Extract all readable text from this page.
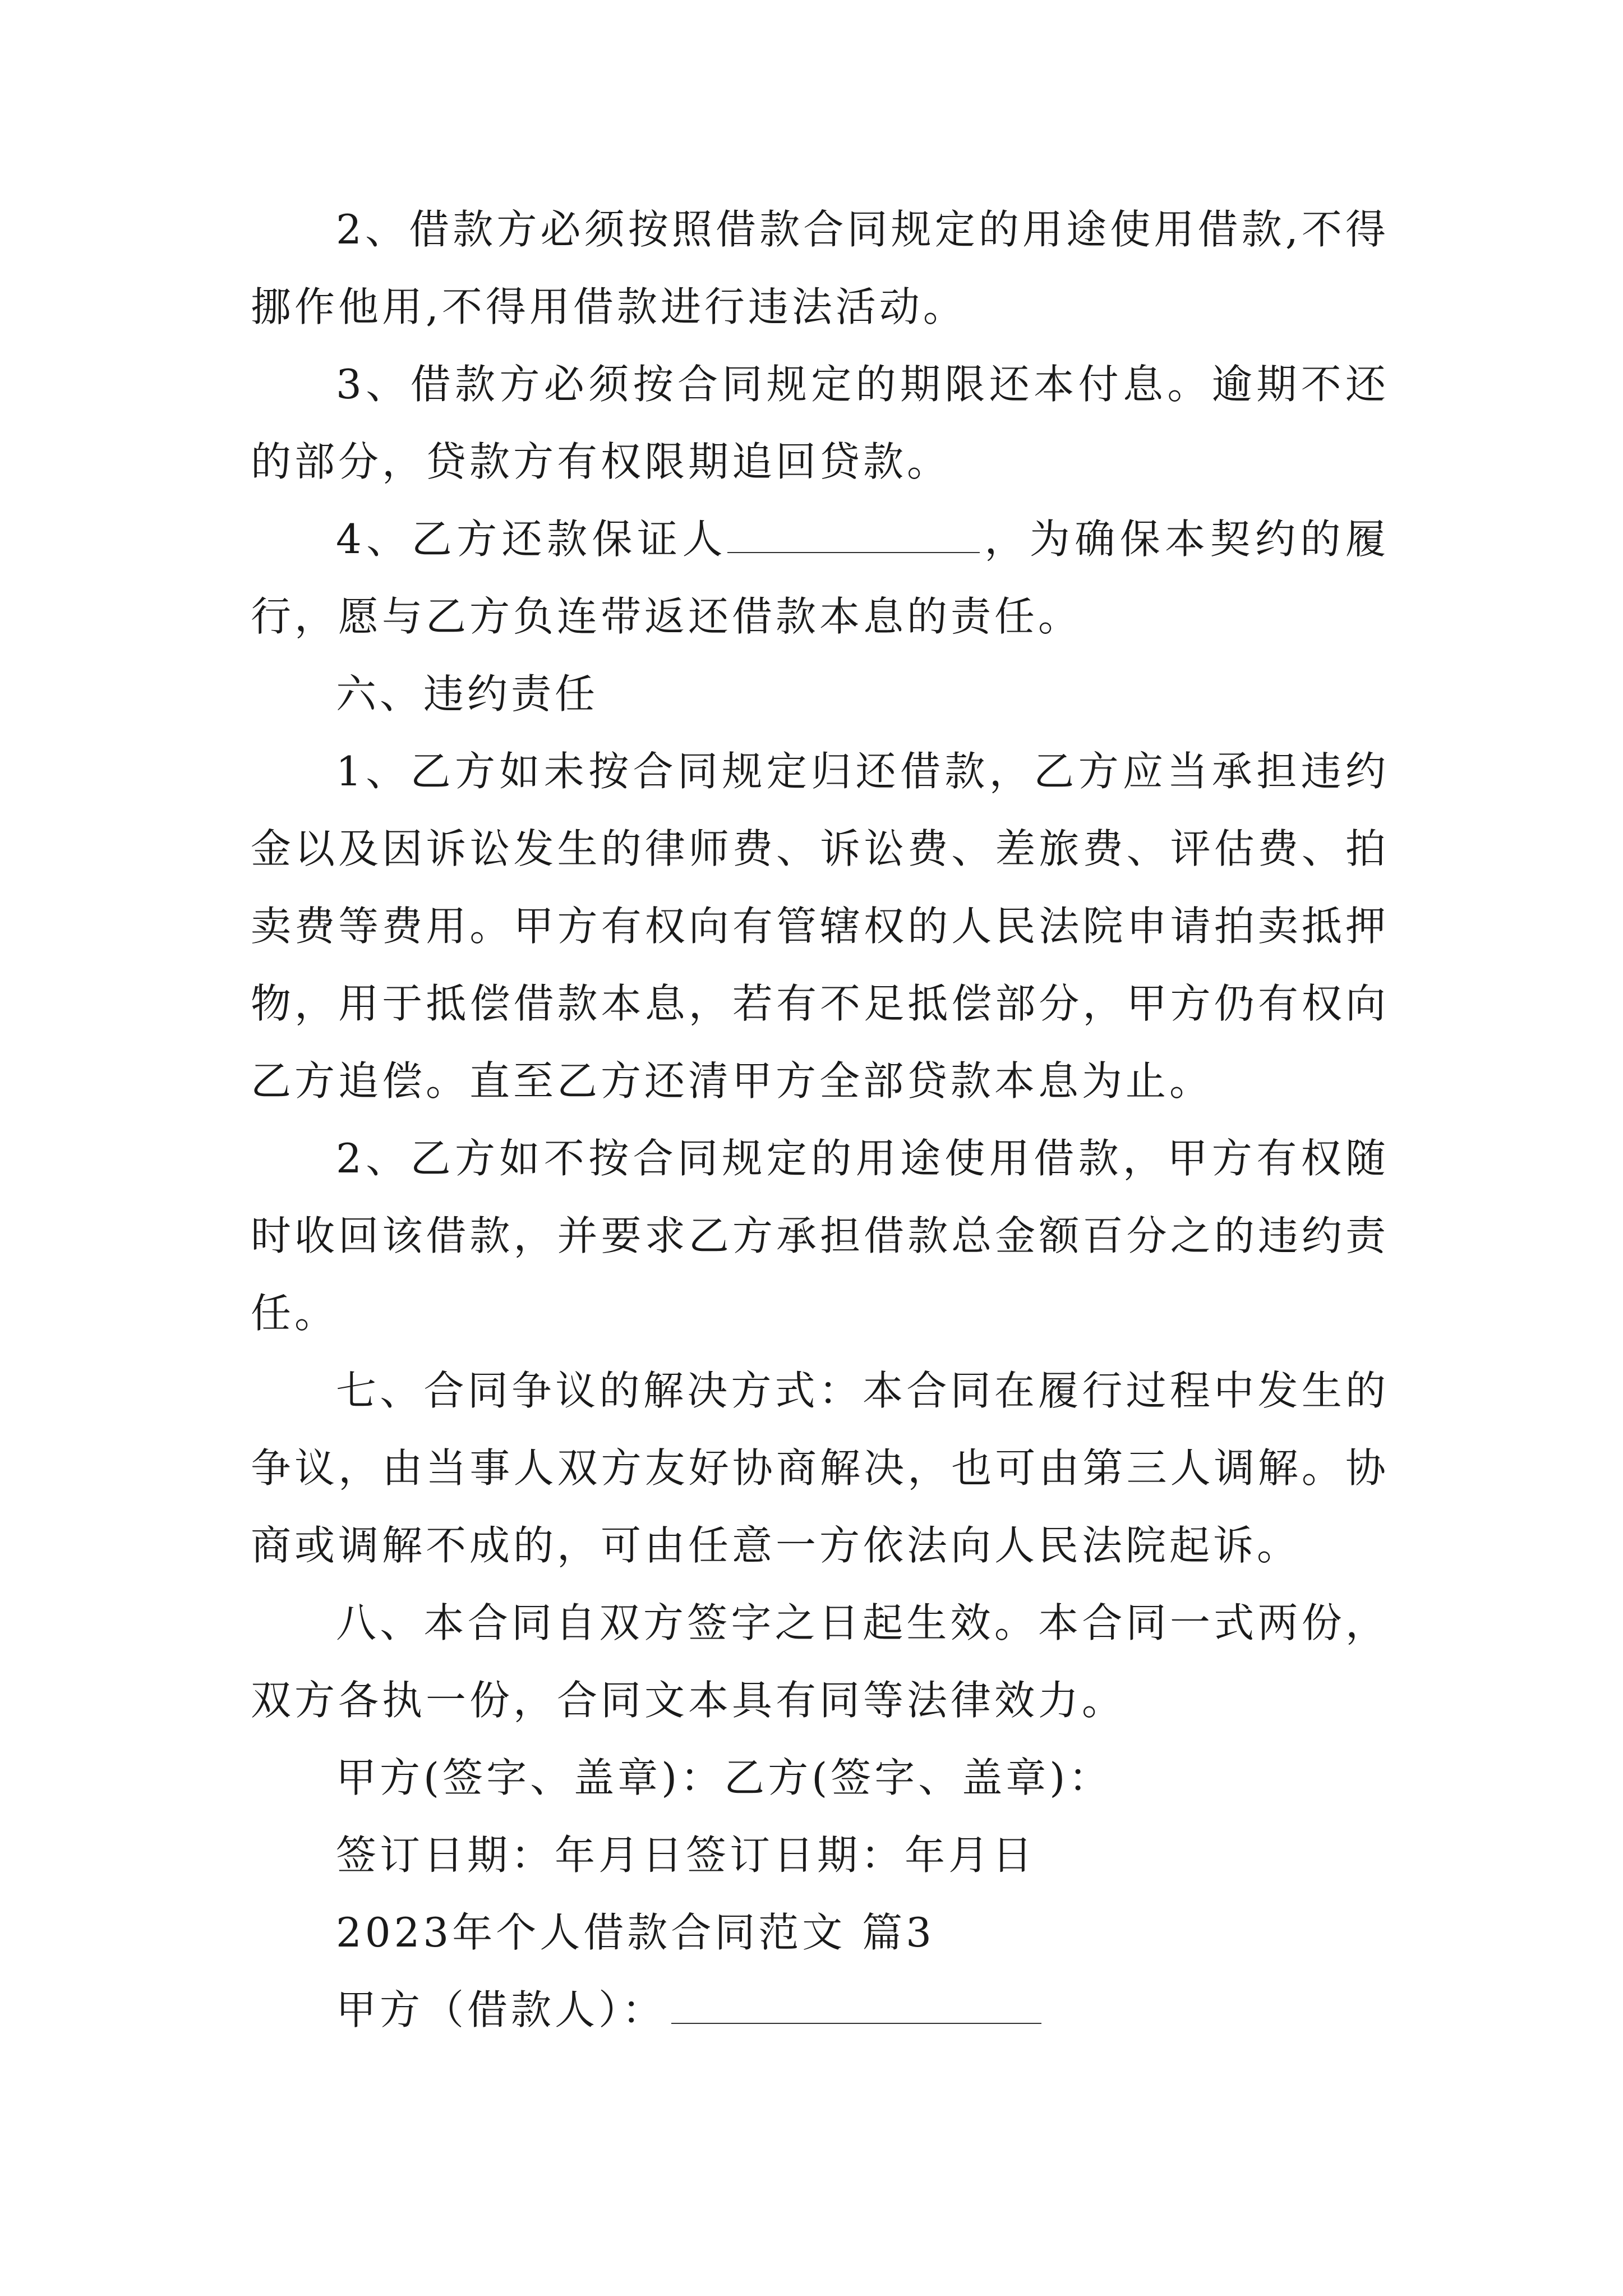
2、借款方必须按照借款合同规定的用途使用借款,不得挪作他用,不得用借款进行违法活动。

3、借款方必须按合同规定的期限还本付息。逾期不还的部分，贷款方有权限期追回贷款。

4、乙方还款保证人	，为确保本契约的履行，愿与乙方负连带返还借款本息的责任。

六、违约责任

1、乙方如未按合同规定归还借款，乙方应当承担违约金以及因诉讼发生的律师费、诉讼费、差旅费、评估费、拍卖费等费用。甲方有权向有管辖权的人民法院申请拍卖抵押物，用于抵偿借款本息，若有不足抵偿部分，甲方仍有权向乙方追偿。直至乙方还清甲方全部贷款本息为止。

2、乙方如不按合同规定的用途使用借款，甲方有权随时收回该借款，并要求乙方承担借款总金额百分之的违约责任。

七、合同争议的解决方式：本合同在履行过程中发生的争议，由当事人双方友好协商解决，也可由第三人调解。协商或调解不成的，可由任意一方依法向人民法院起诉。

八、本合同自双方签字之日起生效。本合同一式两份，双方各执一份，合同文本具有同等法律效力。

甲方(签字、盖章)：乙方(签字、盖章)：

签订日期：年月日签订日期：年月日

2023年个人借款合同范文 篇3

甲方（借款人）：
